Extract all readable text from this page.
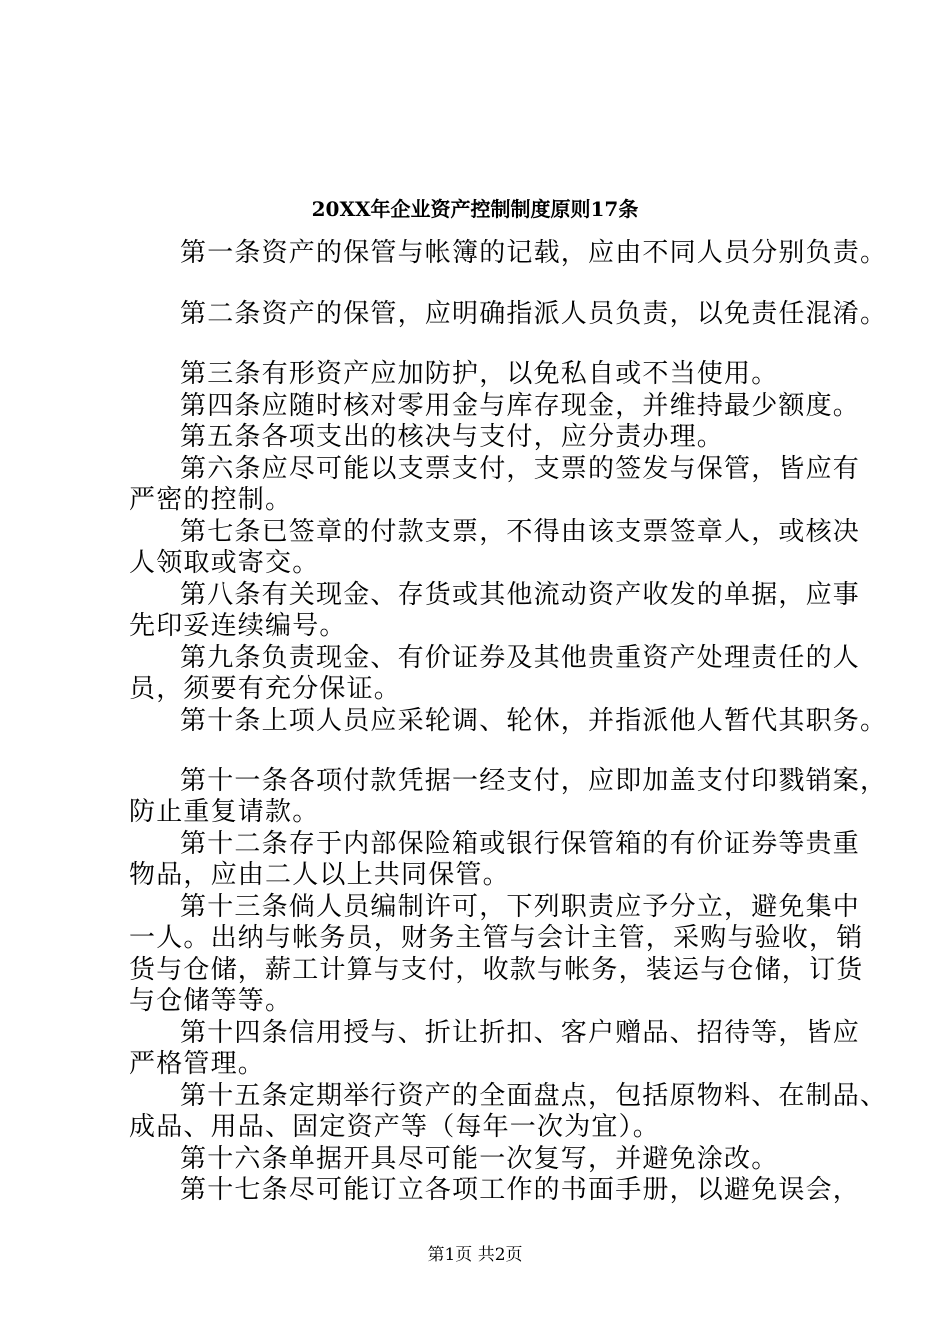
20XX年企业资产控制制度原则17条
第一条资产的保管与帐簿的记载，应由不同人员分别负责。
第二条资产的保管，应明确指派人员负责，以免责任混淆。
第三条有形资产应加防护，以免私自或不当使用。
第四条应随时核对零用金与库存现金，并维持最少额度。
第五条各项支出的核决与支付，应分责办理。
第六条应尽可能以支票支付，支票的签发与保管，皆应有
严密的控制。
第七条已签章的付款支票，不得由该支票签章人，或核决
人领取或寄交。
第八条有关现金、存货或其他流动资产收发的单据，应事
先印妥连续编号。
第九条负责现金、有价证券及其他贵重资产处理责任的人
员，须要有充分保证。
第十条上项人员应采轮调、轮休，并指派他人暂代其职务。
第十一条各项付款凭据一经支付，应即加盖支付印戮销案，
防止重复请款。
第十二条存于内部保险箱或银行保管箱的有价证券等贵重
物品，应由二人以上共同保管。
第十三条倘人员编制许可，下列职责应予分立，避免集中
一人。出纳与帐务员，财务主管与会计主管，采购与验收，销
货与仓储，薪工计算与支付，收款与帐务，装运与仓储，订货
与仓储等等。
第十四条信用授与、折让折扣、客户赠品、招待等，皆应
严格管理。
第十五条定期举行资产的全面盘点，包括原物料、在制品、
成品、用品、固定资产等（每年一次为宜）。
第十六条单据开具尽可能一次复写，并避免涂改。
第十七条尽可能订立各项工作的书面手册，以避免误会，
第1页 共2页
